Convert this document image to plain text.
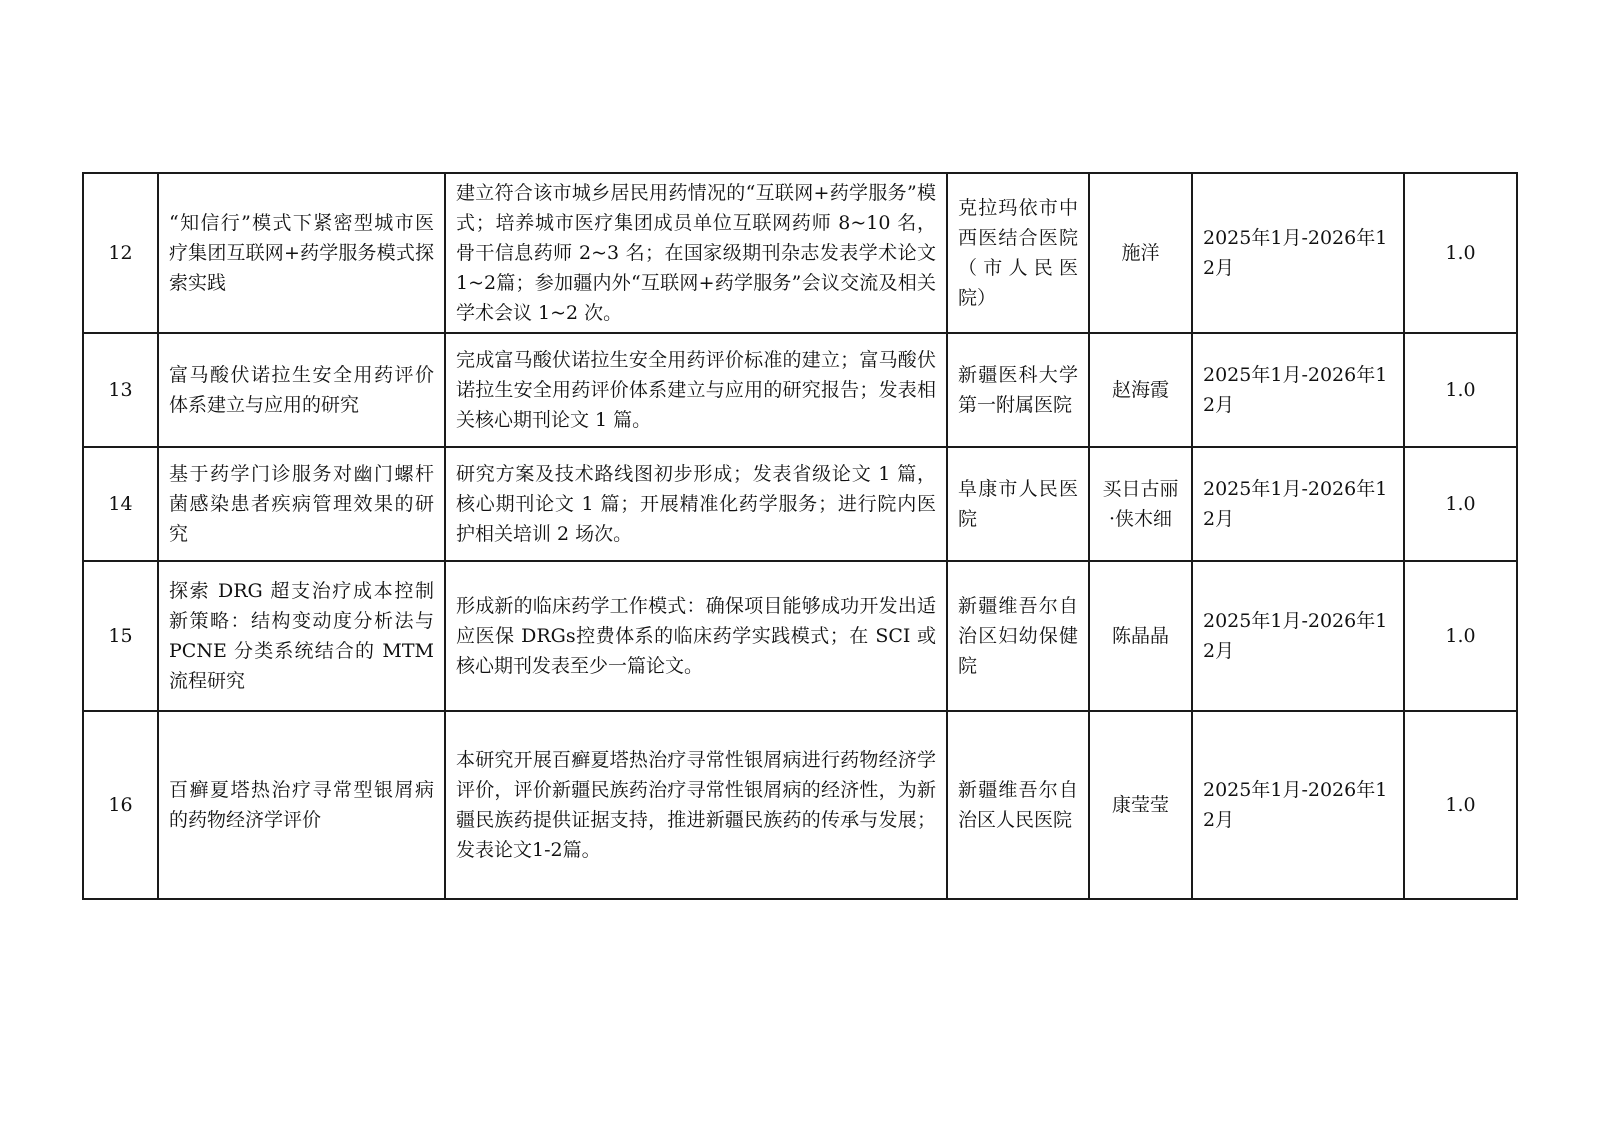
12	“知信行”模式下紧密型城市医疗集团互联网+药学服务模式探索实践	建立符合该市城乡居民用药情况的“互联网+药学服务”模式；培养城市医疗集团成员单位互联网药师 8~10 名，骨干信息药师 2~3 名；在国家级期刊杂志发表学术论文1~2篇；参加疆内外“互联网+药学服务”会议交流及相关学术会议 1~2 次。	克拉玛依市中西医结合医院（市人民医院）	施洋	2025年1月-2026年12月	1.0
13	富马酸伏诺拉生安全用药评价体系建立与应用的研究	完成富马酸伏诺拉生安全用药评价标准的建立；富马酸伏诺拉生安全用药评价体系建立与应用的研究报告；发表相关核心期刊论文 1 篇。	新疆医科大学第一附属医院	赵海霞	2025年1月-2026年12月	1.0
14	基于药学门诊服务对幽门螺杆菌感染患者疾病管理效果的研究	研究方案及技术路线图初步形成；发表省级论文 1 篇，核心期刊论文 1 篇；开展精准化药学服务；进行院内医护相关培训 2 场次。	阜康市人民医院	买日古丽·侠木细	2025年1月-2026年12月	1.0
15	探索 DRG 超支治疗成本控制新策略：结构变动度分析法与 PCNE 分类系统结合的 MTM 流程研究	形成新的临床药学工作模式：确保项目能够成功开发出适应医保 DRGs控费体系的临床药学实践模式；在 SCI 或核心期刊发表至少一篇论文。	新疆维吾尔自治区妇幼保健院	陈晶晶	2025年1月-2026年12月	1.0
16	百癣夏塔热治疗寻常型银屑病的药物经济学评价	本研究开展百癣夏塔热治疗寻常性银屑病进行药物经济学评价，评价新疆民族药治疗寻常性银屑病的经济性，为新疆民族药提供证据支持，推进新疆民族药的传承与发展；发表论文1-2篇。	新疆维吾尔自治区人民医院	康莹莹	2025年1月-2026年12月	1.0
